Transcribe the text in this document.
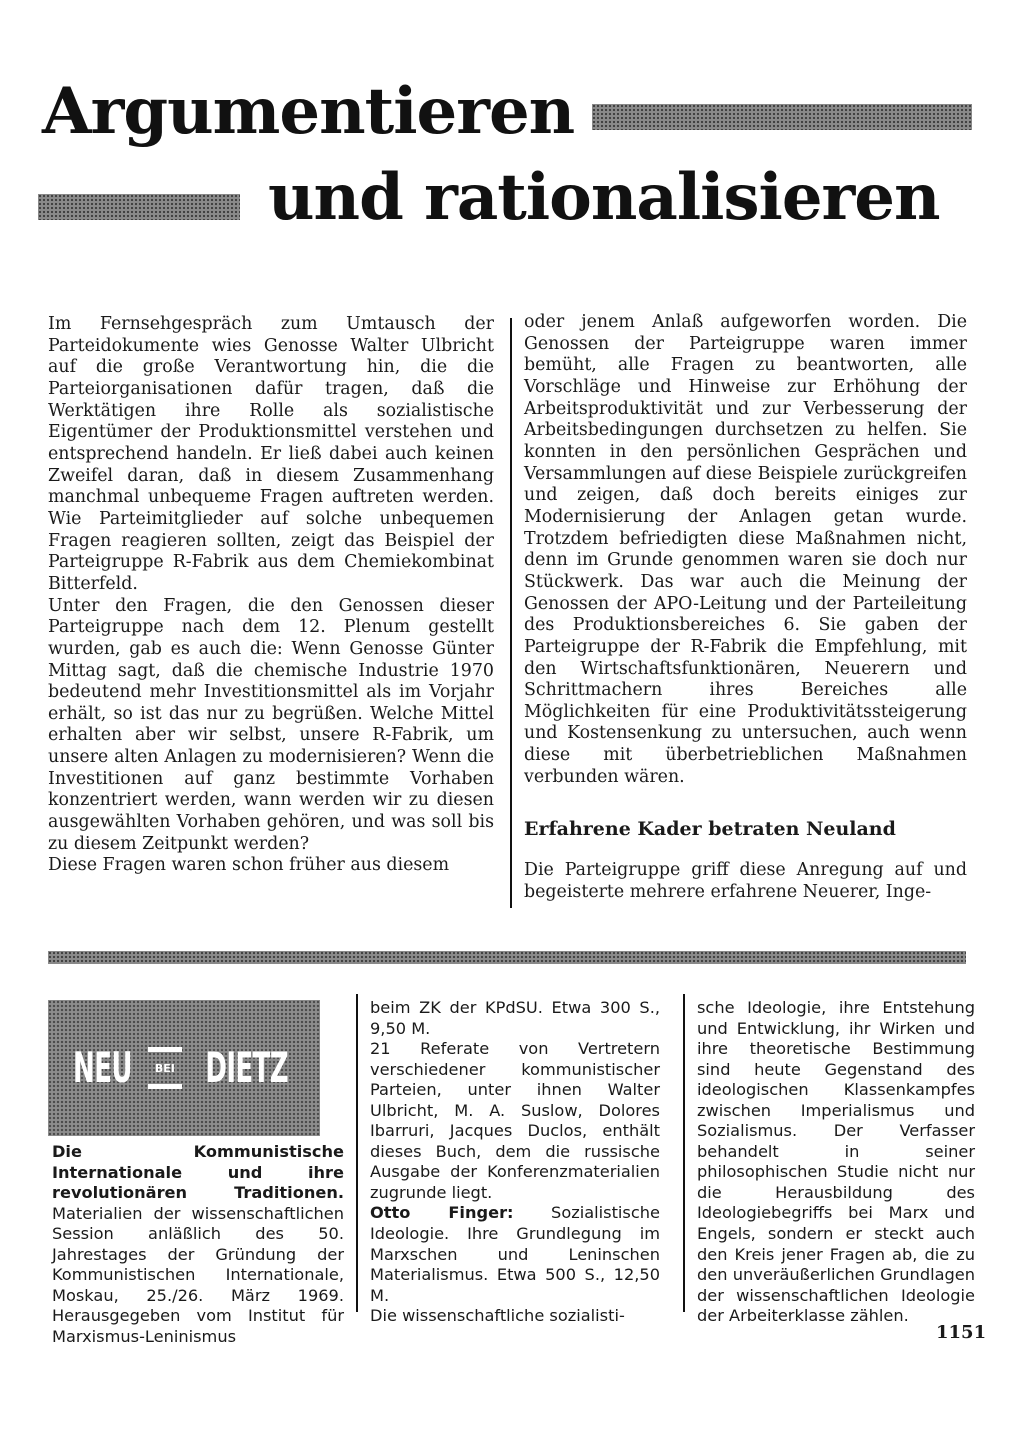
Argumentieren
und rationalisieren

Im Fernsehgespräch zum Umtausch der Parteidokumente wies Genosse Walter Ulbricht auf die große Verantwortung hin, die die Parteiorganisationen dafür tragen, daß die Werktätigen ihre Rolle als sozialistische Eigentümer der Produktionsmittel verstehen und entsprechend handeln. Er ließ dabei auch keinen Zweifel daran, daß in diesem Zusammenhang manchmal unbequeme Fragen auftreten werden. Wie Parteimitglieder auf solche unbequemen Fragen reagieren sollten, zeigt das Beispiel der Parteigruppe R-Fabrik aus dem Chemiekombinat Bitterfeld.

Unter den Fragen, die den Genossen dieser Parteigruppe nach dem 12. Plenum gestellt wurden, gab es auch die: Wenn Genosse Günter Mittag sagt, daß die chemische Industrie 1970 bedeutend mehr Investitionsmittel als im Vorjahr erhält, so ist das nur zu begrüßen. Welche Mittel erhalten aber wir selbst, unsere R-Fabrik, um unsere alten Anlagen zu modernisieren? Wenn die Investitionen auf ganz bestimmte Vorhaben konzentriert werden, wann werden wir zu diesen ausgewählten Vorhaben gehören, und was soll bis zu diesem Zeitpunkt werden?

Diese Fragen waren schon früher aus diesem

oder jenem Anlaß aufgeworfen worden. Die Genossen der Parteigruppe waren immer bemüht, alle Fragen zu beantworten, alle Vorschläge und Hinweise zur Erhöhung der Arbeitsproduktivität und zur Verbesserung der Arbeitsbedingungen durchsetzen zu helfen. Sie konnten in den persönlichen Gesprächen und Versammlungen auf diese Beispiele zurückgreifen und zeigen, daß doch bereits einiges zur Modernisierung der Anlagen getan wurde. Trotzdem befriedigten diese Maßnahmen nicht, denn im Grunde genommen waren sie doch nur Stückwerk. Das war auch die Meinung der Genossen der APO-Leitung und der Parteileitung des Produktionsbereiches 6. Sie gaben der Parteigruppe der R-Fabrik die Empfehlung, mit den Wirtschaftsfunktionären, Neuerern und Schrittmachern ihres Bereiches alle Möglichkeiten für eine Produktivitätssteigerung und Kostensenkung zu untersuchen, auch wenn diese mit überbetrieblichen Maßnahmen verbunden wären.

Erfahrene Kader betraten Neuland

Die Parteigruppe griff diese Anregung auf und begeisterte mehrere erfahrene Neuerer, Inge-

NEU BEI DIETZ

Die Kommunistische Internationale und ihre revolutionären Traditionen. Materialien der wissenschaftlichen Session anläßlich des 50. Jahrestages der Gründung der Kommunistischen Internationale, Moskau, 25./26. März 1969. Herausgegeben vom Institut für Marxismus-Leninismus

beim ZK der KPdSU. Etwa 300 S., 9,50 M.

21 Referate von Vertretern verschiedener kommunistischer Parteien, unter ihnen Walter Ulbricht, M. A. Suslow, Dolores Ibarruri, Jacques Duclos, enthält dieses Buch, dem die russische Ausgabe der Konferenzmaterialien zugrunde liegt.

Otto Finger: Sozialistische Ideologie. Ihre Grundlegung im Marxschen und Leninschen Materialismus. Etwa 500 S., 12,50 M.

Die wissenschaftliche sozialisti-

sche Ideologie, ihre Entstehung und Entwicklung, ihr Wirken und ihre theoretische Bestimmung sind heute Gegenstand des ideologischen Klassenkampfes zwischen Imperialismus und Sozialismus. Der Verfasser behandelt in seiner philosophischen Studie nicht nur die Herausbildung des Ideologiebegriffs bei Marx und Engels, sondern er steckt auch den Kreis jener Fragen ab, die zu den unveräußerlichen Grundlagen der wissenschaftlichen Ideologie der Arbeiterklasse zählen.

1151
